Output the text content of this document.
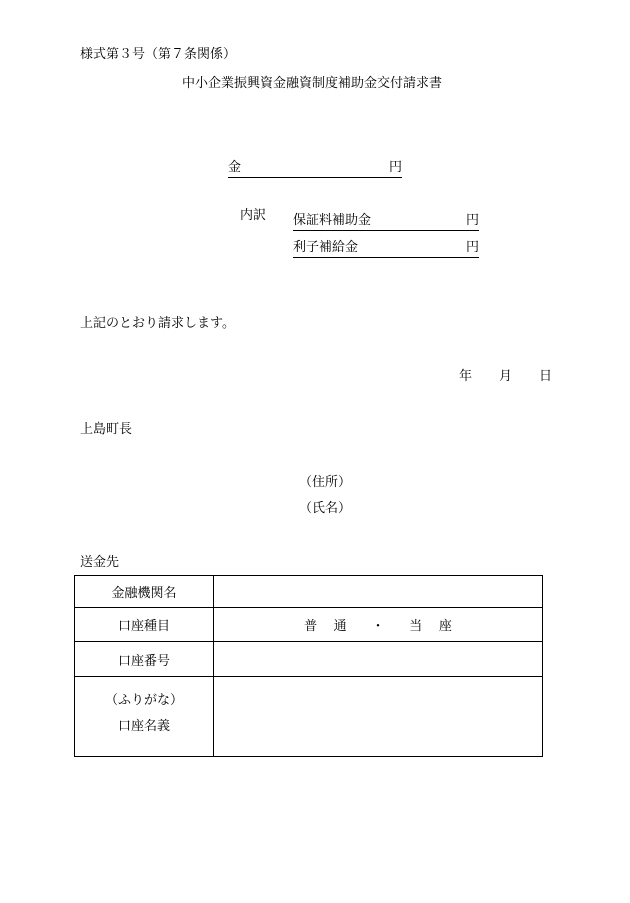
様式第３号（第７条関係）
中小企業振興資金融資制度補助金交付請求書
金	円
内訳 保証料補助金	円
利子補給金	円
上記のとおり請求します。
年 月 日
上島町長
（住所）
（氏名）
送金先
金融機関名	
口座種目	普 通 ・ 当 座
口座番号	

（ふりがな）
口座名義	
